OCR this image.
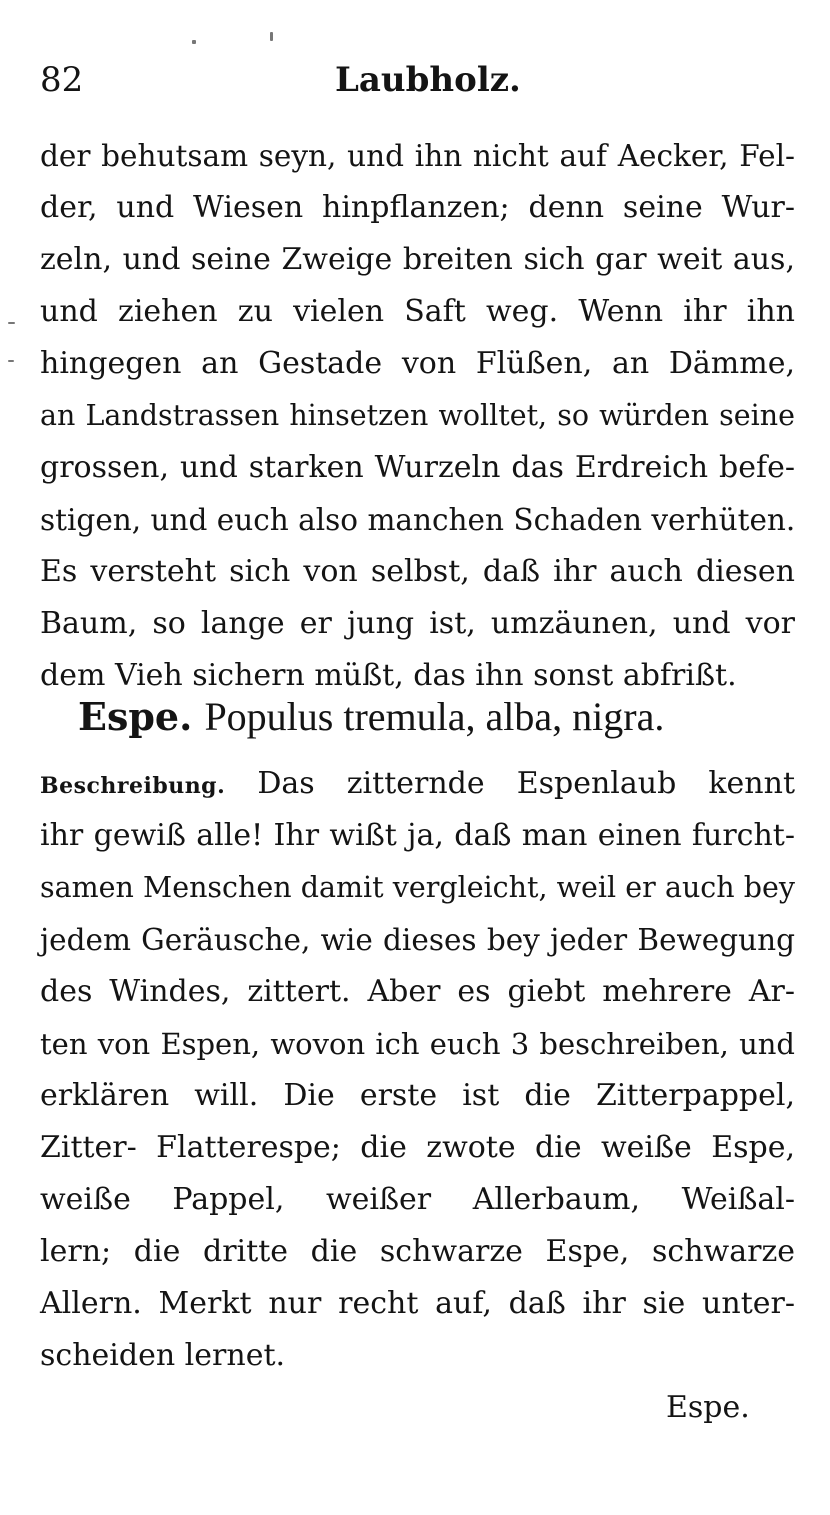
82	Laubholz.
der behutsam seyn, und ihn nicht auf Aecker, Fel-
der, und Wiesen hinpflanzen; denn seine Wur-
zeln, und seine Zweige breiten sich gar weit aus,
und ziehen zu vielen Saft weg. Wenn ihr ihn
hingegen an Gestade von Flüßen, an Dämme,
an Landstrassen hinsetzen wolltet, so würden seine
grossen, und starken Wurzeln das Erdreich befe-
stigen, und euch also manchen Schaden verhüten.
Es versteht sich von selbst, daß ihr auch diesen
Baum, so lange er jung ist, umzäunen, und vor
dem Vieh sichern müßt, das ihn sonst abfrißt.
Espe. Populus tremula, alba, nigra.
Beschreibung. Das zitternde Espenlaub kennt
ihr gewiß alle! Ihr wißt ja, daß man einen furcht-
samen Menschen damit vergleicht, weil er auch bey
jedem Geräusche, wie dieses bey jeder Bewegung
des Windes, zittert. Aber es giebt mehrere Ar-
ten von Espen, wovon ich euch 3 beschreiben, und
erklären will. Die erste ist die Zitterpappel,
Zitter- Flatterespe; die zwote die weiße Espe,
weiße Pappel, weißer Allerbaum, Weißal-
lern; die dritte die schwarze Espe, schwarze
Allern. Merkt nur recht auf, daß ihr sie unter-
scheiden lernet.
Espe.
